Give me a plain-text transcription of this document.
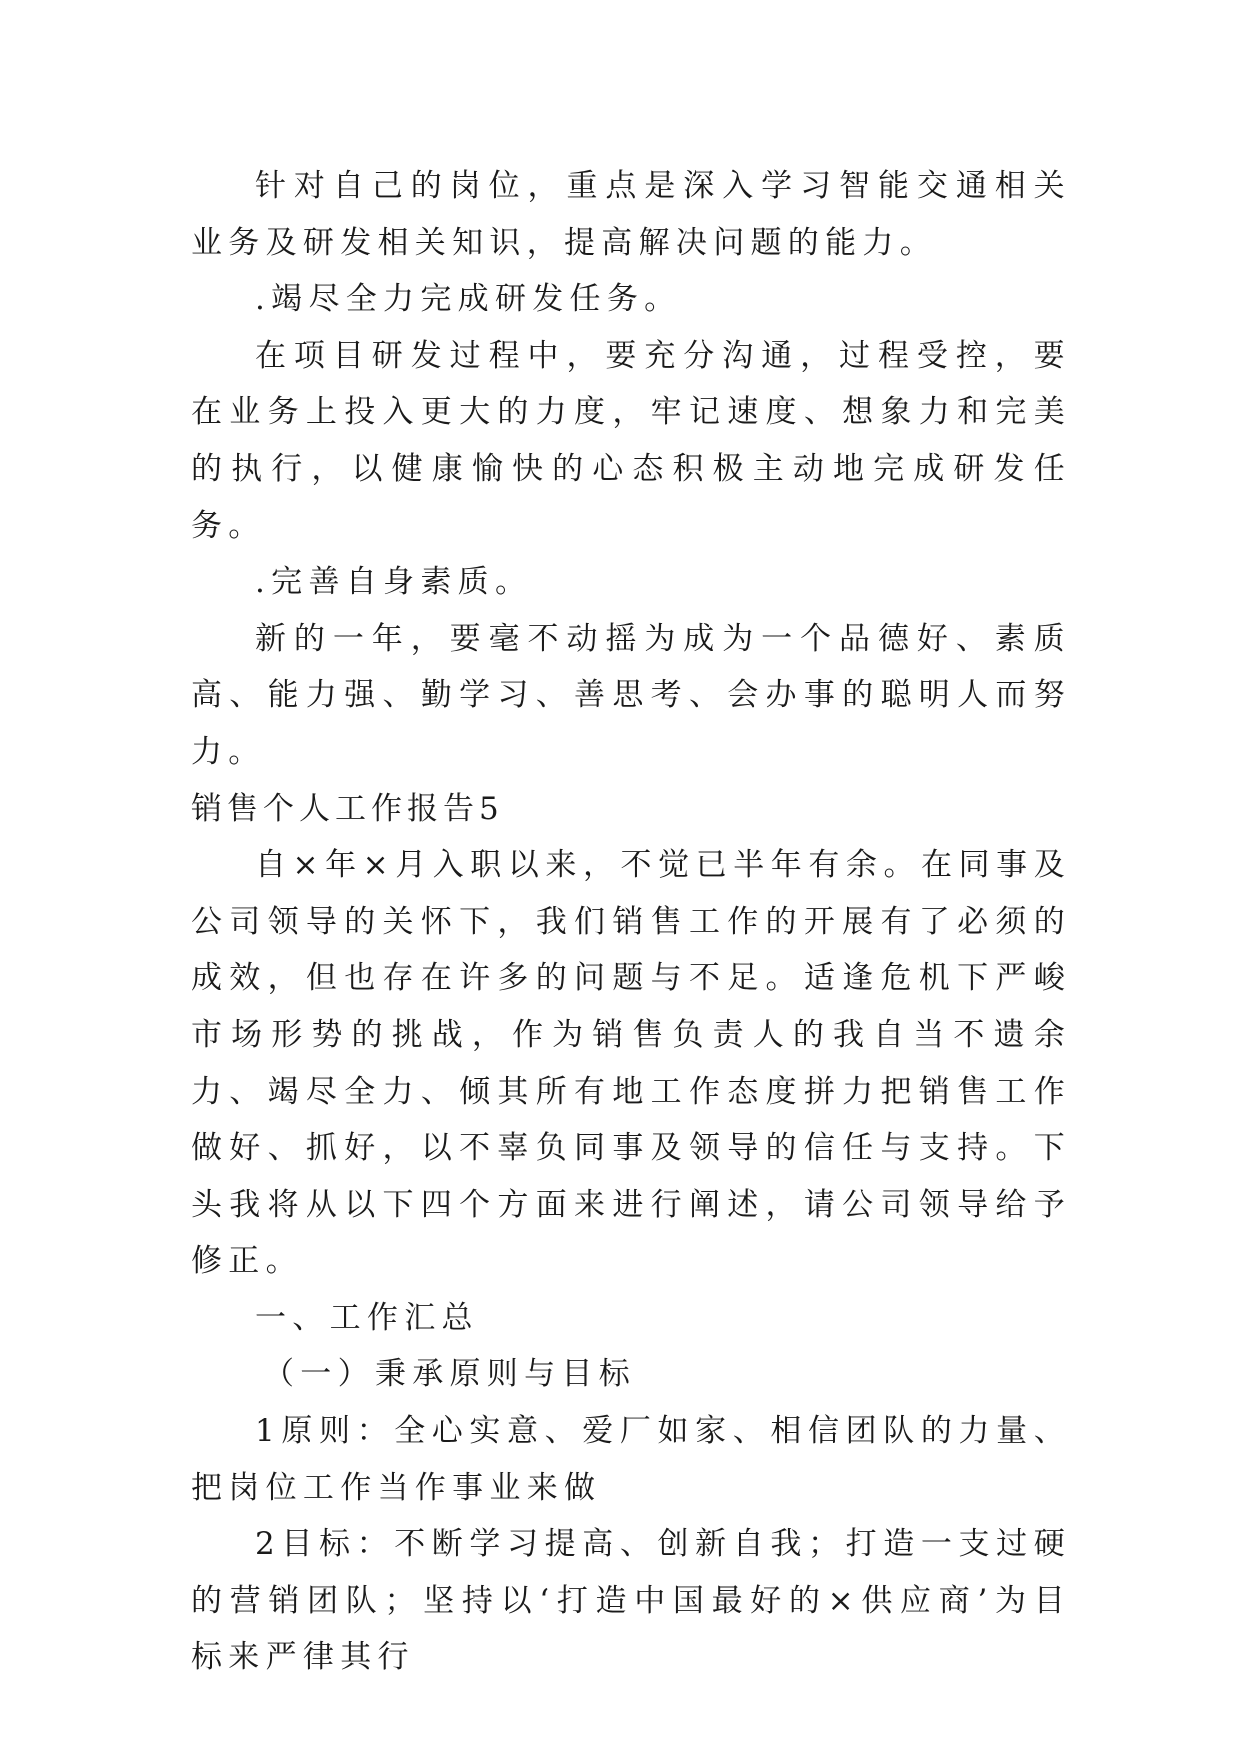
针对自己的岗位，重点是深入学习智能交通相关业务及研发相关知识，提高解决问题的能力。

.竭尽全力完成研发任务。

在项目研发过程中，要充分沟通，过程受控，要在业务上投入更大的力度，牢记速度、想象力和完美的执行，以健康愉快的心态积极主动地完成研发任务。

.完善自身素质。

新的一年，要毫不动摇为成为一个品德好、素质高、能力强、勤学习、善思考、会办事的聪明人而努力。

销售个人工作报告5

自×年×月入职以来，不觉已半年有余。在同事及公司领导的关怀下，我们销售工作的开展有了必须的成效，但也存在许多的问题与不足。适逢危机下严峻市场形势的挑战，作为销售负责人的我自当不遗余力、竭尽全力、倾其所有地工作态度拼力把销售工作做好、抓好，以不辜负同事及领导的信任与支持。下头我将从以下四个方面来进行阐述，请公司领导给予修正。

一、工作汇总

（一）秉承原则与目标

1原则：全心实意、爱厂如家、相信团队的力量、把岗位工作当作事业来做

2目标：不断学习提高、创新自我；打造一支过硬的营销团队；坚持以‘打造中国最好的×供应商’为目标来严律其行
